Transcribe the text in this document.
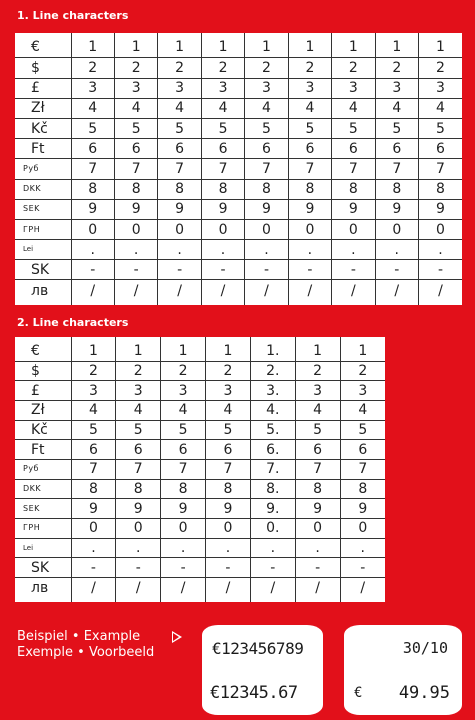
1. Line characters
€	1	1	1	1	1	1	1	1	1
$	2	2	2	2	2	2	2	2	2
£	3	3	3	3	3	3	3	3	3
Zł	4	4	4	4	4	4	4	4	4
Kč	5	5	5	5	5	5	5	5	5
Ft	6	6	6	6	6	6	6	6	6
Руб	7	7	7	7	7	7	7	7	7
DKK	8	8	8	8	8	8	8	8	8
SEK	9	9	9	9	9	9	9	9	9
ГРН	0	0	0	0	0	0	0	0	0
Lei	.	.	.	.	.	.	.	.	.
SK	-	-	-	-	-	-	-	-	-
лв	/	/	/	/	/	/	/	/	/
2. Line characters
€	1	1	1	1	1.	1	1
$	2	2	2	2	2.	2	2
£	3	3	3	3	3.	3	3
Zł	4	4	4	4	4.	4	4
Kč	5	5	5	5	5.	5	5
Ft	6	6	6	6	6.	6	6
Руб	7	7	7	7	7.	7	7
DKK	8	8	8	8	8.	8	8
SEK	9	9	9	9	9.	9	9
ГРН	0	0	0	0	0.	0	0
Lei	.	.	.	.	.	.	.
SK	-	-	-	-	-	-	-
лв	/	/	/	/	/	/	/
Beispiel • Example
Exemple • Voorbeeld	€123456789
€12345.67
30/10
€ 49.95
